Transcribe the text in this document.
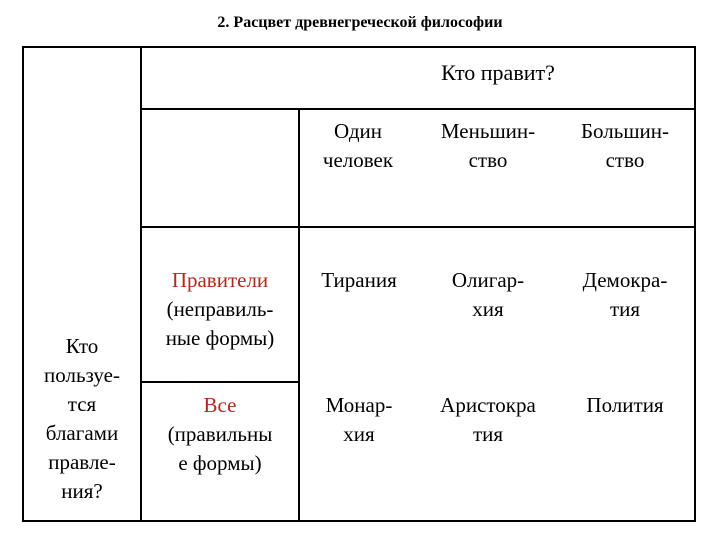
2. Расцвет древнегреческой философии
Кто правит?
Один
человек
Меньшин-
ство
Большин-
ство
Кто
пользуе-
тся
благами
правле-
ния?
Правители
(неправиль-
ные формы)
Все
(правильны
е формы)
Тирания	Олигар-
хия
Демокра-
тия
Монар-
хия
Аристокра
тия
Полития
